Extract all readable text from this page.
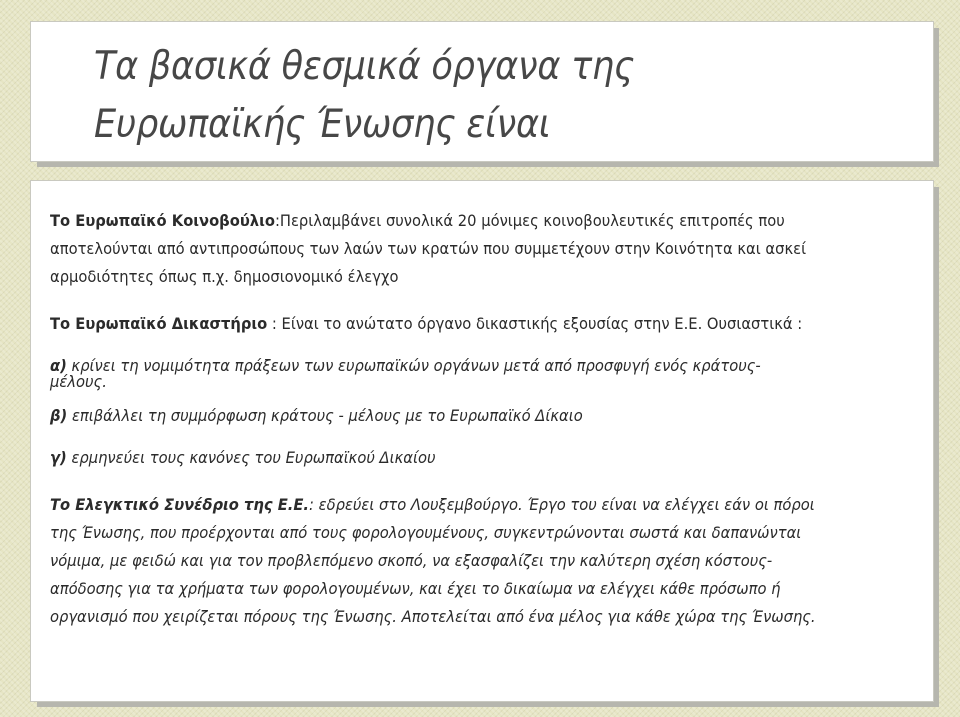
Τα βασικά θεσμικά όργανα της
Ευρωπαϊκής Ένωσης είναι
Το Ευρωπαϊκό Κοινοβούλιο:Περιλαμβάνει συνολικά 20 μόνιμες κοινοβουλευτικές επιτροπές που
αποτελούνται από αντιπροσώπους των λαών των κρατών που συμμετέχουν στην Κοινότητα και ασκεί
αρμοδιότητες όπως π.χ. δημοσιονομικό έλεγχο
Το Ευρωπαϊκό Δικαστήριο : Είναι το ανώτατο όργανο δικαστικής εξουσίας στην Ε.Ε. Ουσιαστικά :
α) κρίνει τη νομιμότητα πράξεων των ευρωπαϊκών οργάνων μετά από προσφυγή ενός κράτους-
μέλους.
β) επιβάλλει τη συμμόρφωση κράτους - μέλους με το Ευρωπαϊκό Δίκαιο
γ) ερμηνεύει τους κανόνες του Ευρωπαϊκού Δικαίου
Το Ελεγκτικό Συνέδριο της Ε.Ε.: εδρεύει στο Λουξεμβούργο. Έργο του είναι να ελέγχει εάν οι πόροι
της Ένωσης, που προέρχονται από τους φορολογουμένους, συγκεντρώνονται σωστά και δαπανώνται
νόμιμα, με φειδώ και για τον προβλεπόμενο σκοπό, να εξασφαλίζει την καλύτερη σχέση κόστους-
απόδοσης για τα χρήματα των φορολογουμένων, και έχει το δικαίωμα να ελέγχει κάθε πρόσωπο ή
οργανισμό που χειρίζεται πόρους της Ένωσης. Αποτελείται από ένα μέλος για κάθε χώρα της Ένωσης.
